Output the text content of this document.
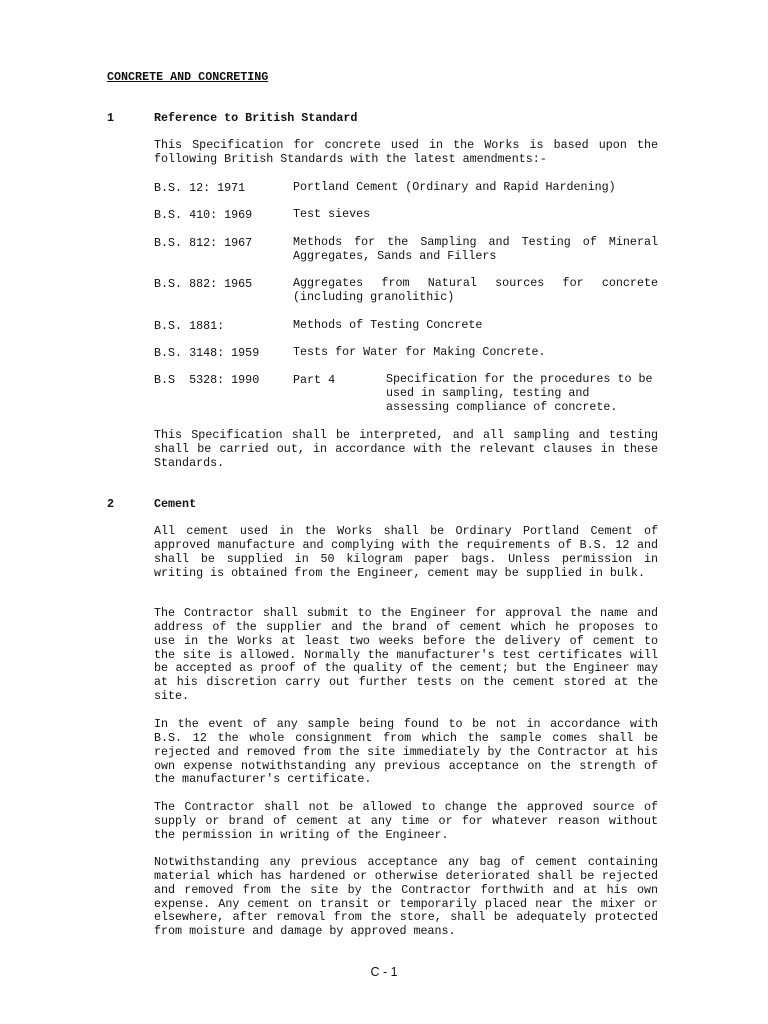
CONCRETE AND CONCRETING
1	Reference to British Standard
This Specification for concrete used in the Works is based upon the following British Standards with the latest amendments:-
B.S. 12: 1971	Portland Cement (Ordinary and Rapid Hardening)
B.S. 410: 1969	Test sieves
B.S. 812: 1967	Methods for the Sampling and Testing of Mineral Aggregates, Sands and Fillers
B.S. 882: 1965	Aggregates from Natural sources for concrete (including granolithic)
B.S. 1881:	Methods of Testing Concrete
B.S. 3148: 1959	Tests for Water for Making Concrete.
B.S  5328: 1990	Part 4	Specification for the procedures to be used in sampling, testing and assessing compliance of concrete.
This Specification shall be interpreted, and all sampling and testing shall be carried out, in accordance with the relevant clauses in these Standards.
2	Cement
All cement used in the Works shall be Ordinary Portland Cement of approved manufacture and complying with the requirements of B.S. 12 and shall be supplied in 50 kilogram paper bags. Unless permission in writing is obtained from the Engineer, cement may be supplied in bulk.
The Contractor shall submit to the Engineer for approval the name and address of the supplier and the brand of cement which he proposes to use in the Works at least two weeks before the delivery of cement to the site is allowed. Normally the manufacturer's test certificates will be accepted as proof of the quality of the cement; but the Engineer may at his discretion carry out further tests on the cement stored at the site.
In the event of any sample being found to be not in accordance with B.S. 12 the whole consignment from which the sample comes shall be rejected and removed from the site immediately by the Contractor at his own expense notwithstanding any previous acceptance on the strength of the manufacturer's certificate.
The Contractor shall not be allowed to change the approved source of supply or brand of cement at any time or for whatever reason without the permission in writing of the Engineer.
Notwithstanding any previous acceptance any bag of cement containing material which has hardened or otherwise deteriorated shall be rejected and removed from the site by the Contractor forthwith and at his own expense. Any cement on transit or temporarily placed near the mixer or elsewhere, after removal from the store, shall be adequately protected from moisture and damage by approved means.
C - 1
